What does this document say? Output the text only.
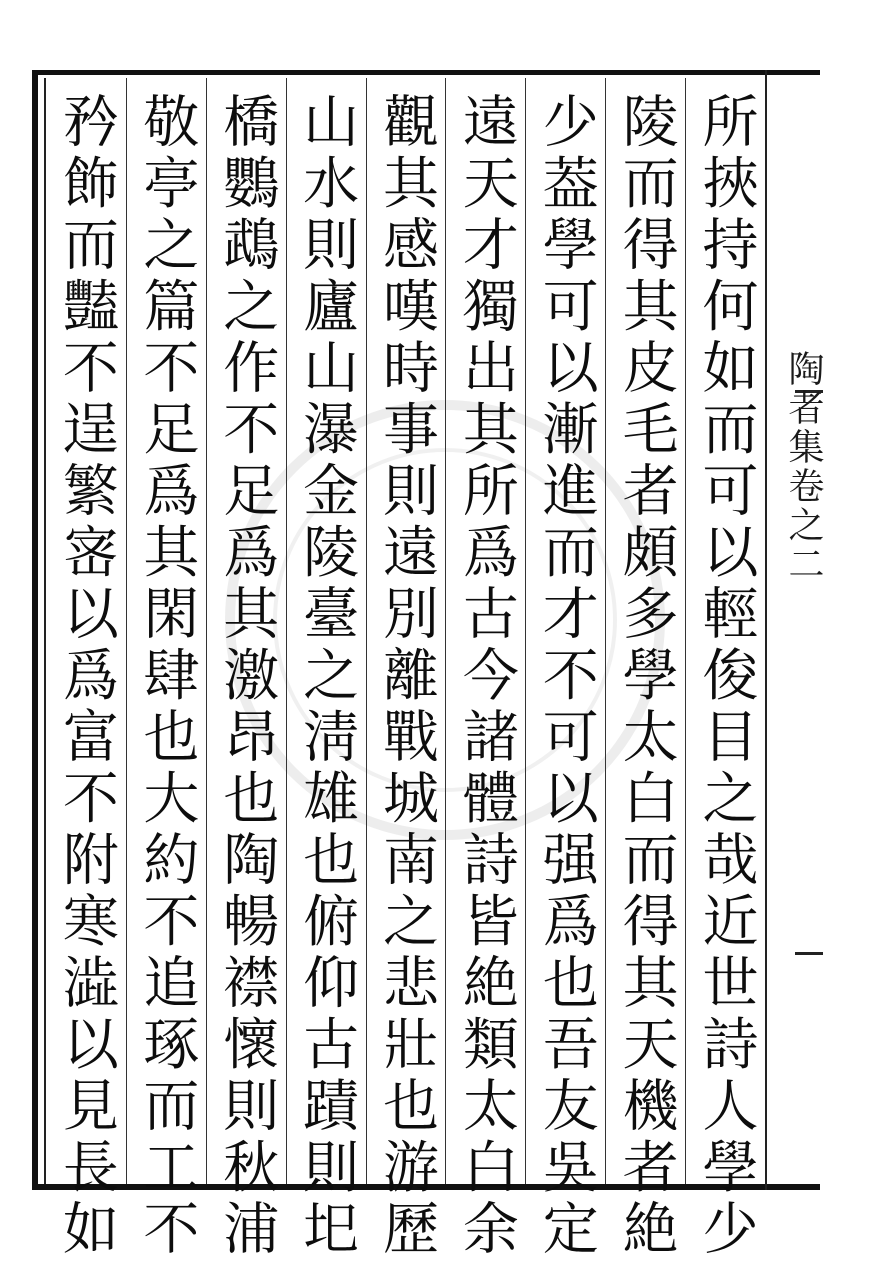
陶者集卷之二
所挾持何如而可以輕俊目之哉近世詩人學少
陵而得其皮毛者頗多學太白而得其天機者絶
少葢學可以漸進而才不可以强爲也吾友吳定
遠天才獨出其所爲古今諸體詩皆絶類太白余
觀其感嘆時事則遠別離戰城南之悲壯也游歷
山水則廬山瀑金陵臺之淸雄也俯仰古蹟則圯
橋鸚鵡之作不足爲其激昂也陶暢襟懷則秋浦
敬亭之篇不足爲其閑肆也大約不追琢而工不
矜飾而豔不逞繁宻以爲富不附寒澁以見長如
